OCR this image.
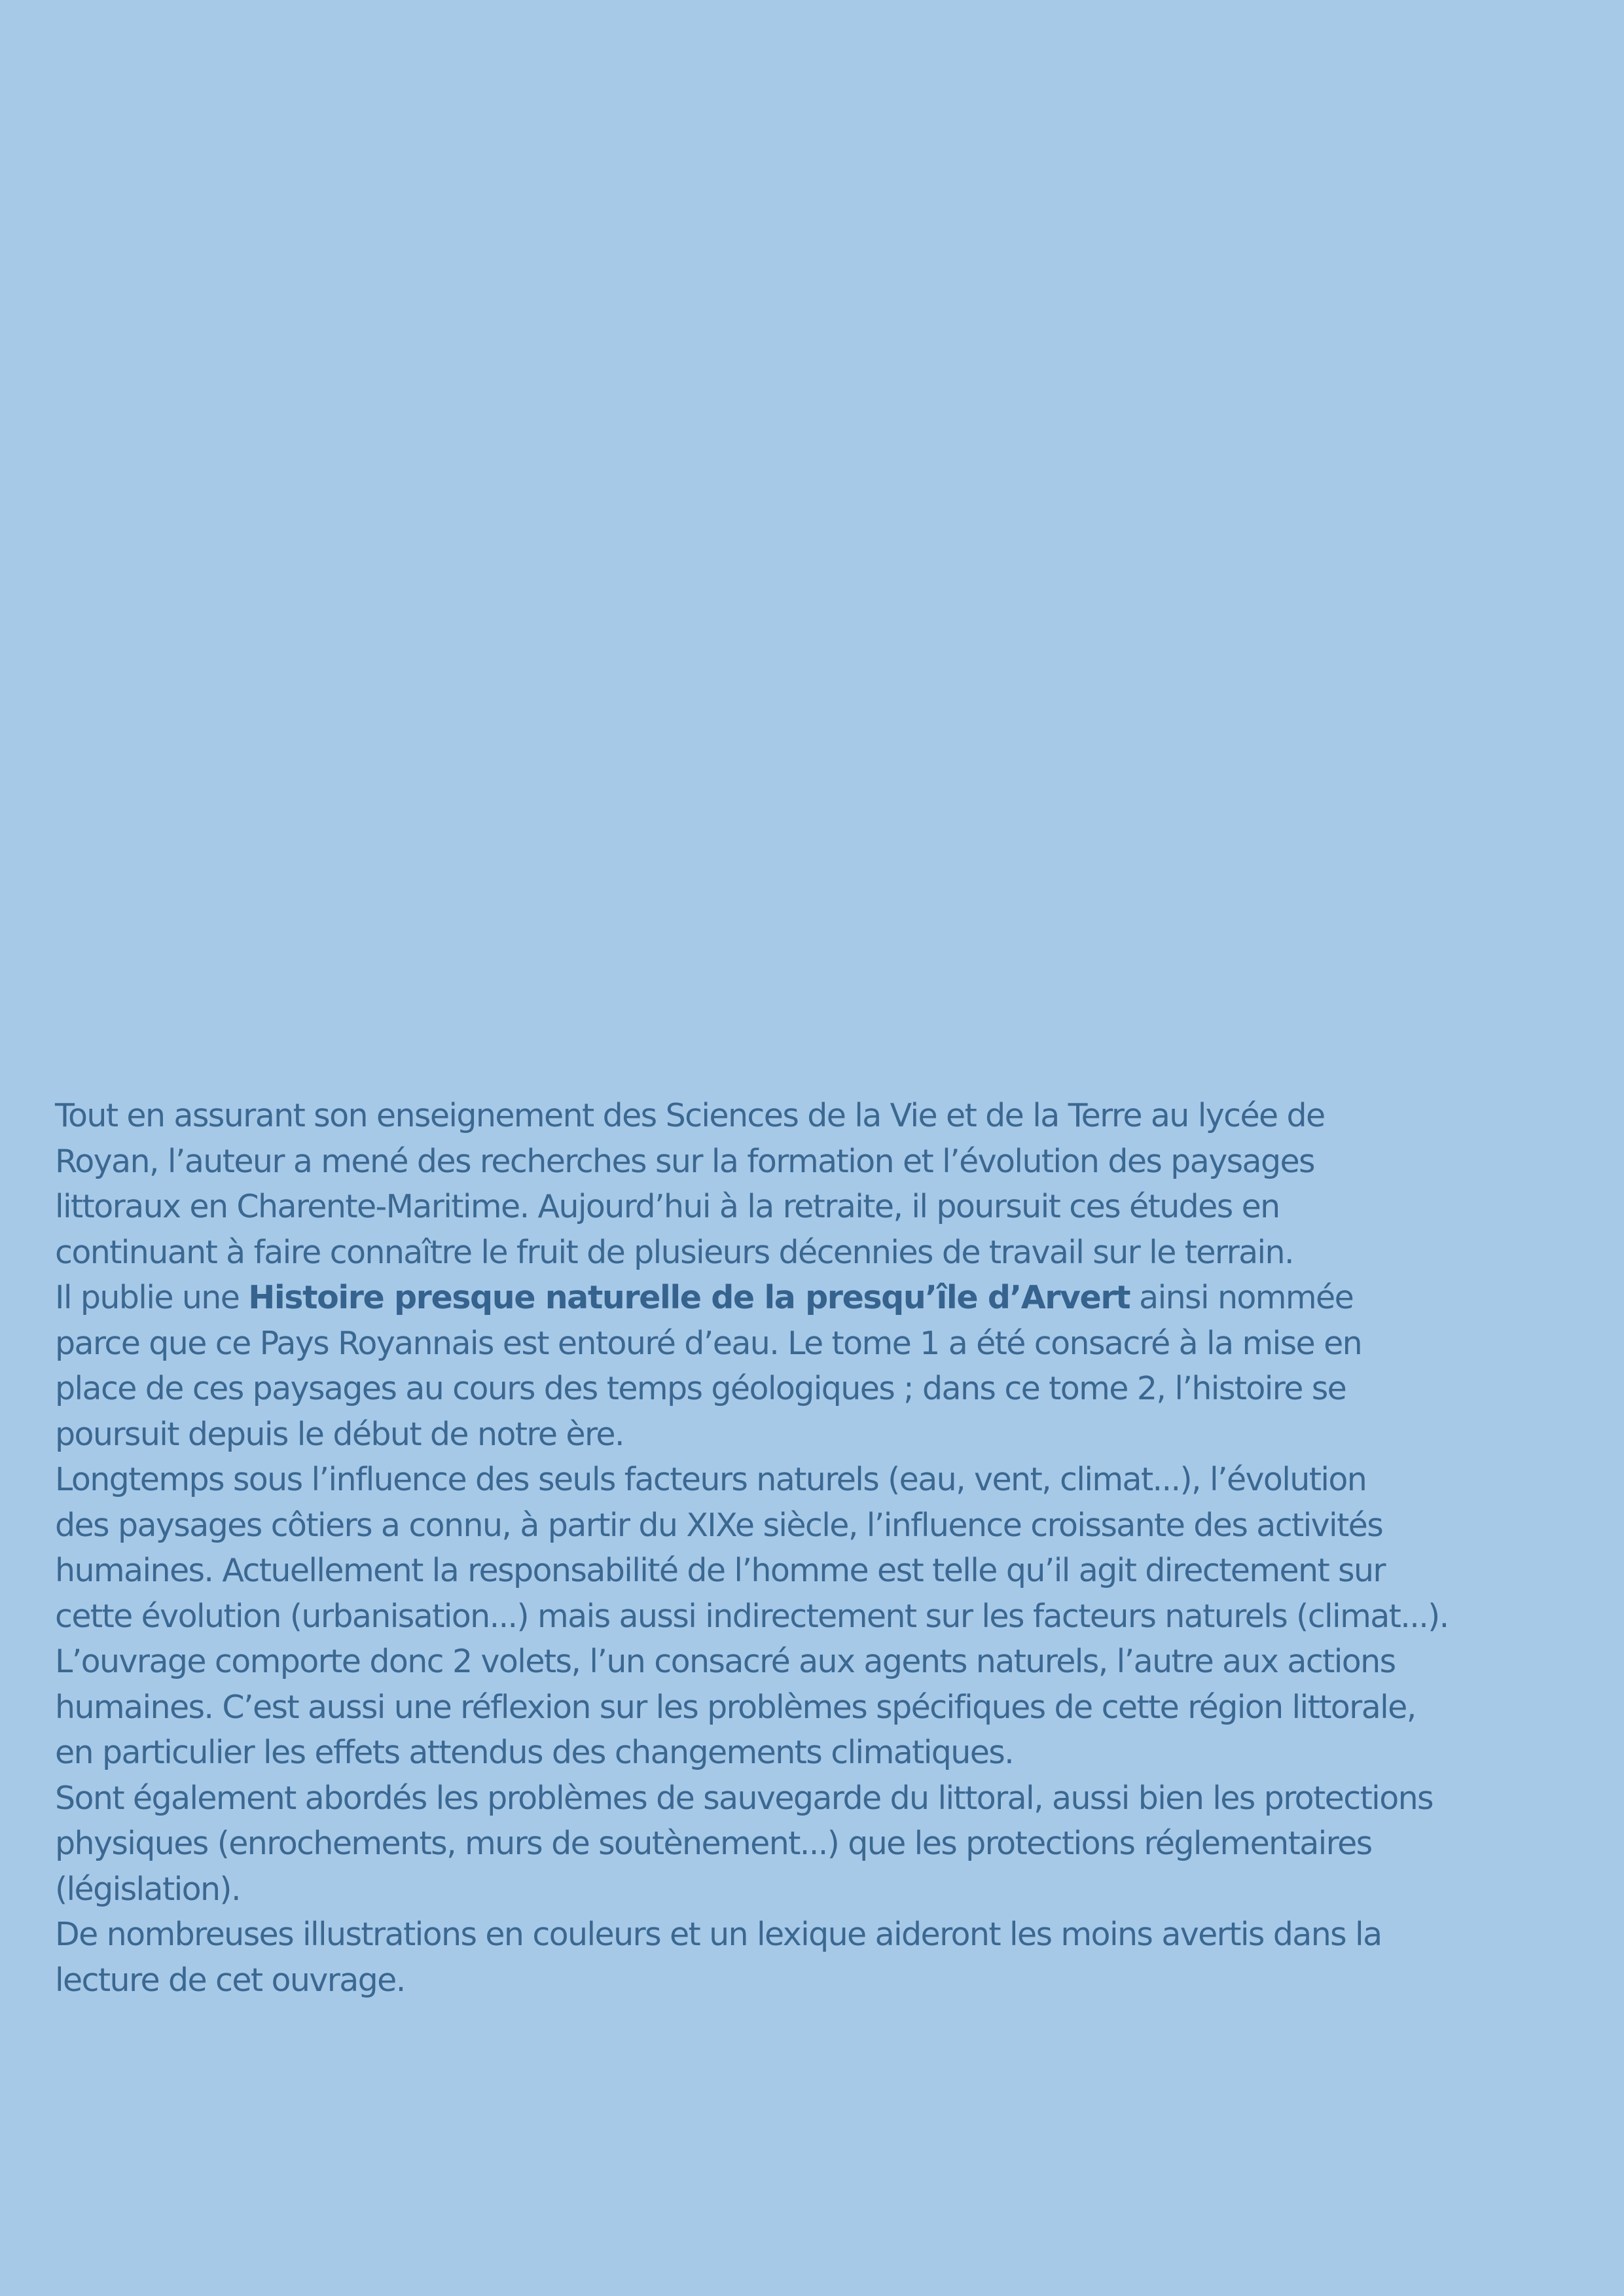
Tout en assurant son enseignement des Sciences de la Vie et de la Terre au lycée de
Royan, l’auteur a mené des recherches sur la formation et l’évolution des paysages
littoraux en Charente-Maritime. Aujourd’hui à la retraite, il poursuit ces études en
continuant à faire connaître le fruit de plusieurs décennies de travail sur le terrain.
Il publie une Histoire presque naturelle de la presqu’île d’Arvert ainsi nommée
parce que ce Pays Royannais est entouré d’eau. Le tome 1 a été consacré à la mise en
place de ces paysages au cours des temps géologiques ; dans ce tome 2, l’histoire se
poursuit depuis le début de notre ère.
Longtemps sous l’influence des seuls facteurs naturels (eau, vent, climat...), l’évolution
des paysages côtiers a connu, à partir du XIXe siècle, l’influence croissante des activités
humaines. Actuellement la responsabilité de l’homme est telle qu’il agit directement sur
cette évolution (urbanisation...) mais aussi indirectement sur les facteurs naturels (climat...).
L’ouvrage comporte donc 2 volets, l’un consacré aux agents naturels, l’autre aux actions
humaines. C’est aussi une réflexion sur les problèmes spécifiques de cette région littorale,
en particulier les effets attendus des changements climatiques.
Sont également abordés les problèmes de sauvegarde du littoral, aussi bien les protections
physiques (enrochements, murs de soutènement...) que les protections réglementaires
(législation).
De nombreuses illustrations en couleurs et un lexique aideront les moins avertis dans la
lecture de cet ouvrage.
